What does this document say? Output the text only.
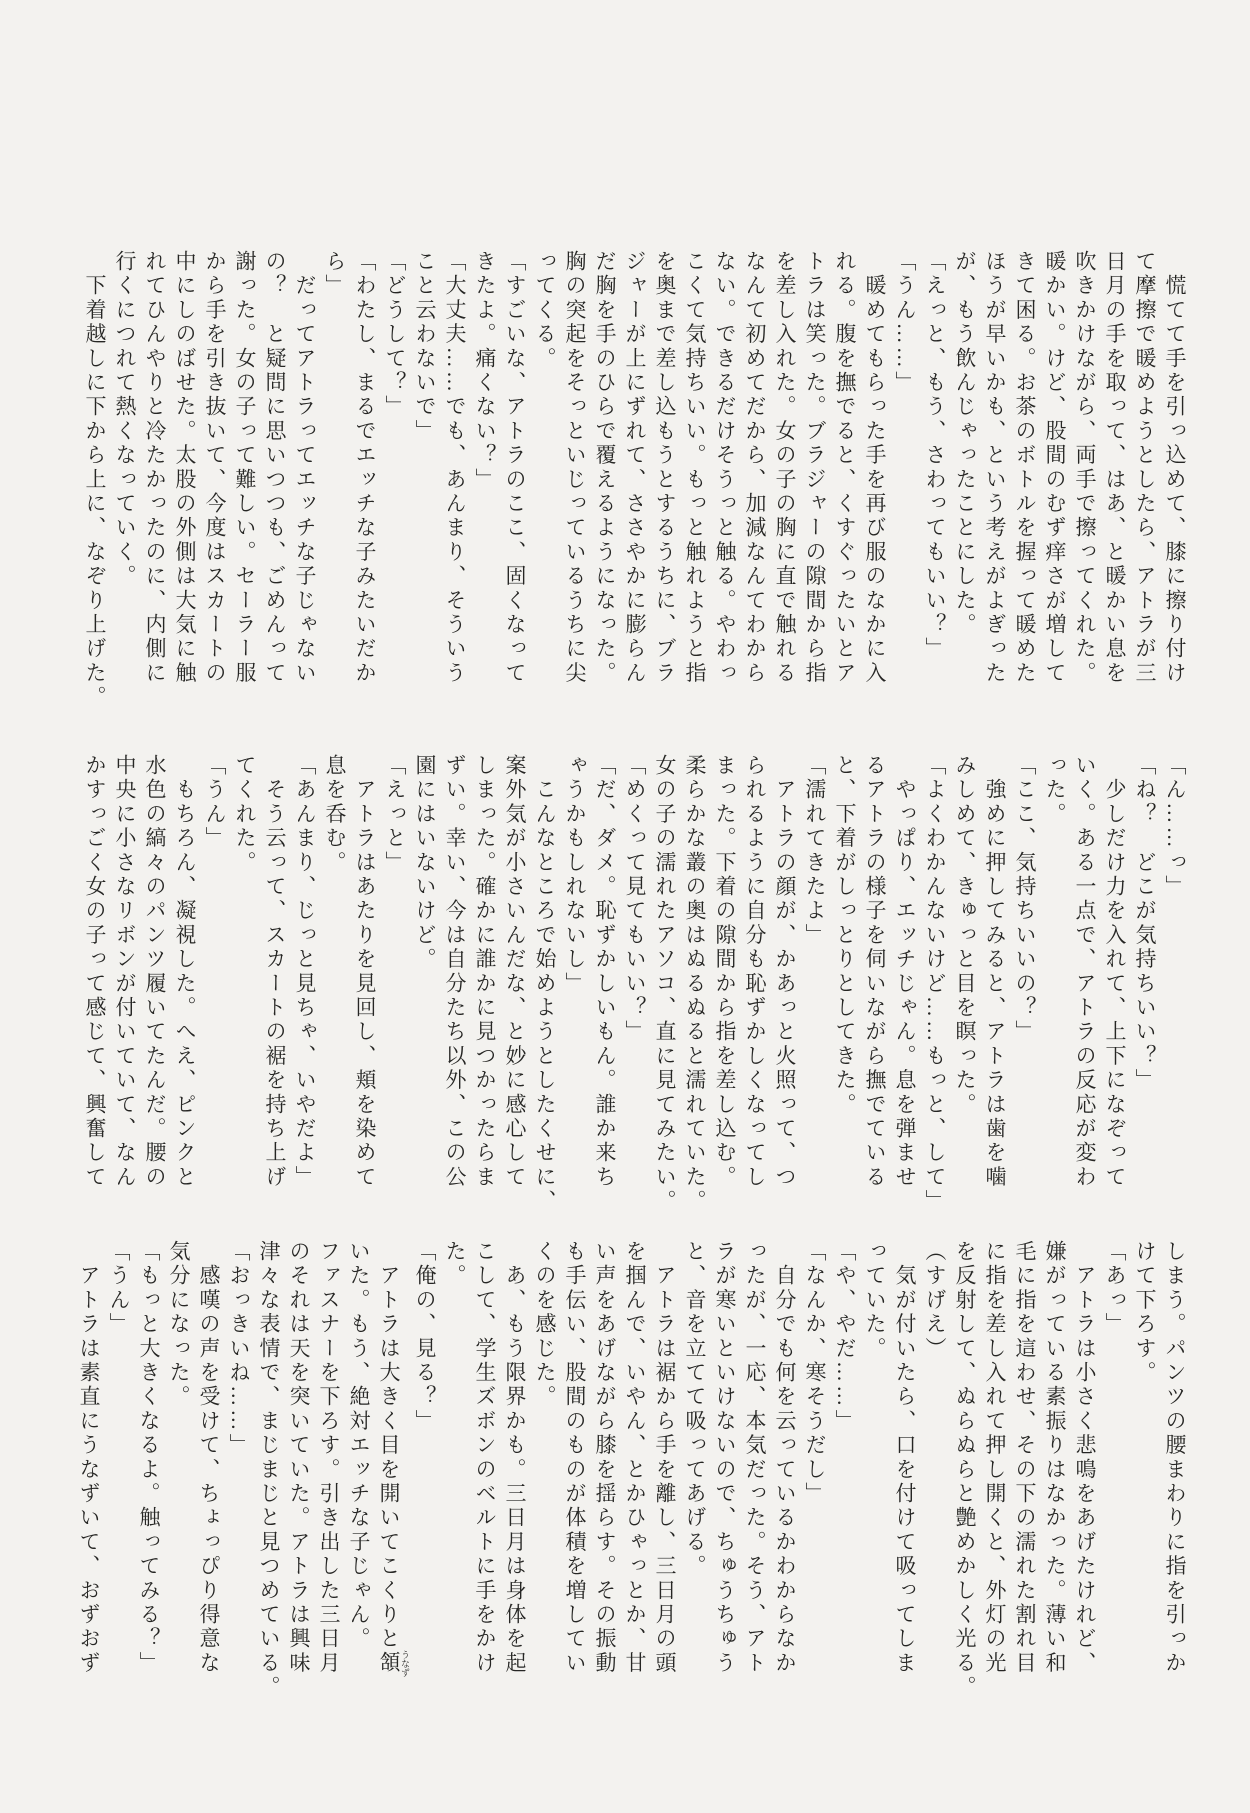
　慌てて手を引っ込めて、膝に擦り付け
て摩擦で暖めようとしたら、アトラが三
日月の手を取って、はあ、と暖かい息を
吹きかけながら、両手で擦ってくれた。
暖かい。けど、股間のむず痒さが増して
きて困る。お茶のボトルを握って暖めた
ほうが早いかも、という考えがよぎった
が、もう飲んじゃったことにした。
「えっと、もう、さわってもいい？」
「うん……」
　暖めてもらった手を再び服のなかに入
れる。腹を撫でると、くすぐったいとア
トラは笑った。ブラジャーの隙間から指
を差し入れた。女の子の胸に直で触れる
なんて初めてだから、加減なんてわから
ない。できるだけそうっと触る。やわっ
こくて気持ちいい。もっと触れようと指
を奥まで差し込もうとするうちに、ブラ
ジャーが上にずれて、ささやかに膨らん
だ胸を手のひらで覆えるようになった。
胸の突起をそっといじっているうちに尖
ってくる。
「すごいな、アトラのここ、固くなって
きたよ。痛くない？」
「大丈夫……でも、あんまり、そういう
こと云わないで」
「どうして？」
「わたし、まるでエッチな子みたいだか
ら」
　だってアトラってエッチな子じゃない
の？　と疑問に思いつつも、ごめんって
謝った。女の子って難しい。セーラー服
から手を引き抜いて、今度はスカートの
中にしのばせた。太股の外側は大気に触
れてひんやりと冷たかったのに、内側に
行くにつれて熱くなっていく。
　下着越しに下から上に、なぞり上げた。
「ん……っ」
「ね？　どこが気持ちいい？」
　少しだけ力を入れて、上下になぞって
いく。ある一点で、アトラの反応が変わ
った。
「ここ、気持ちいいの？」
　強めに押してみると、アトラは歯を噛
みしめて、きゅっと目を瞑った。
「よくわかんないけど……もっと、して」
　やっぱり、エッチじゃん。息を弾ませ
るアトラの様子を伺いながら撫でている
と、下着がしっとりとしてきた。
「濡れてきたよ」
　アトラの顔が、かあっと火照って、つ
られるように自分も恥ずかしくなってし
まった。下着の隙間から指を差し込む。
柔らかな叢の奥はぬるぬると濡れていた。
女の子の濡れたアソコ、直に見てみたい。
「めくって見てもいい？」
「だ、ダメ。恥ずかしいもん。誰か来ち
ゃうかもしれないし」
　こんなところで始めようとしたくせに、
案外気が小さいんだな、と妙に感心して
しまった。確かに誰かに見つかったらま
ずい。幸い、今は自分たち以外、この公
園にはいないけど。
「えっと」
　アトラはあたりを見回し、頬を染めて
息を呑む。
「あんまり、じっと見ちゃ、いやだよ」
　そう云って、スカートの裾を持ち上げ
てくれた。
「うん」
　もちろん、凝視した。へえ、ピンクと
水色の縞々のパンツ履いてたんだ。腰の
中央に小さなリボンが付いていて、なん
かすっごく女の子って感じて、興奮して
しまう。パンツの腰まわりに指を引っか
けて下ろす。
「あっ」
　アトラは小さく悲鳴をあげたけれど、
嫌がっている素振りはなかった。薄い和
毛に指を這わせ、その下の濡れた割れ目
に指を差し入れて押し開くと、外灯の光
を反射して、ぬらぬらと艶めかしく光る。
（すげえ）
　気が付いたら、口を付けて吸ってしま
っていた。
「や、やだ……」
「なんか、寒そうだし」
　自分でも何を云っているかわからなか
ったが、一応、本気だった。そう、アト
ラが寒いといけないので、ちゅうちゅう
と、音を立てて吸ってあげる。
　アトラは裾から手を離し、三日月の頭
を掴んで、いやん、とかひゃっとか、甘
い声をあげながら膝を揺らす。その振動
も手伝い、股間のものが体積を増してい
くのを感じた。
　あ、もう限界かも。三日月は身体を起
こして、学生ズボンのベルトに手をかけ
た。
「俺の、見る？」
　アトラは大きく目を開いてこくりと頷 うなず
いた。もう、絶対エッチな子じゃん。
ファスナーを下ろす。引き出した三日月
のそれは天を突いていた。アトラは興味
津々な表情で、まじまじと見つめている。
「おっきいね……」
　感嘆の声を受けて、ちょっぴり得意な
気分になった。
「もっと大きくなるよ。触ってみる？」
「うん」
　アトラは素直にうなずいて、おずおず
